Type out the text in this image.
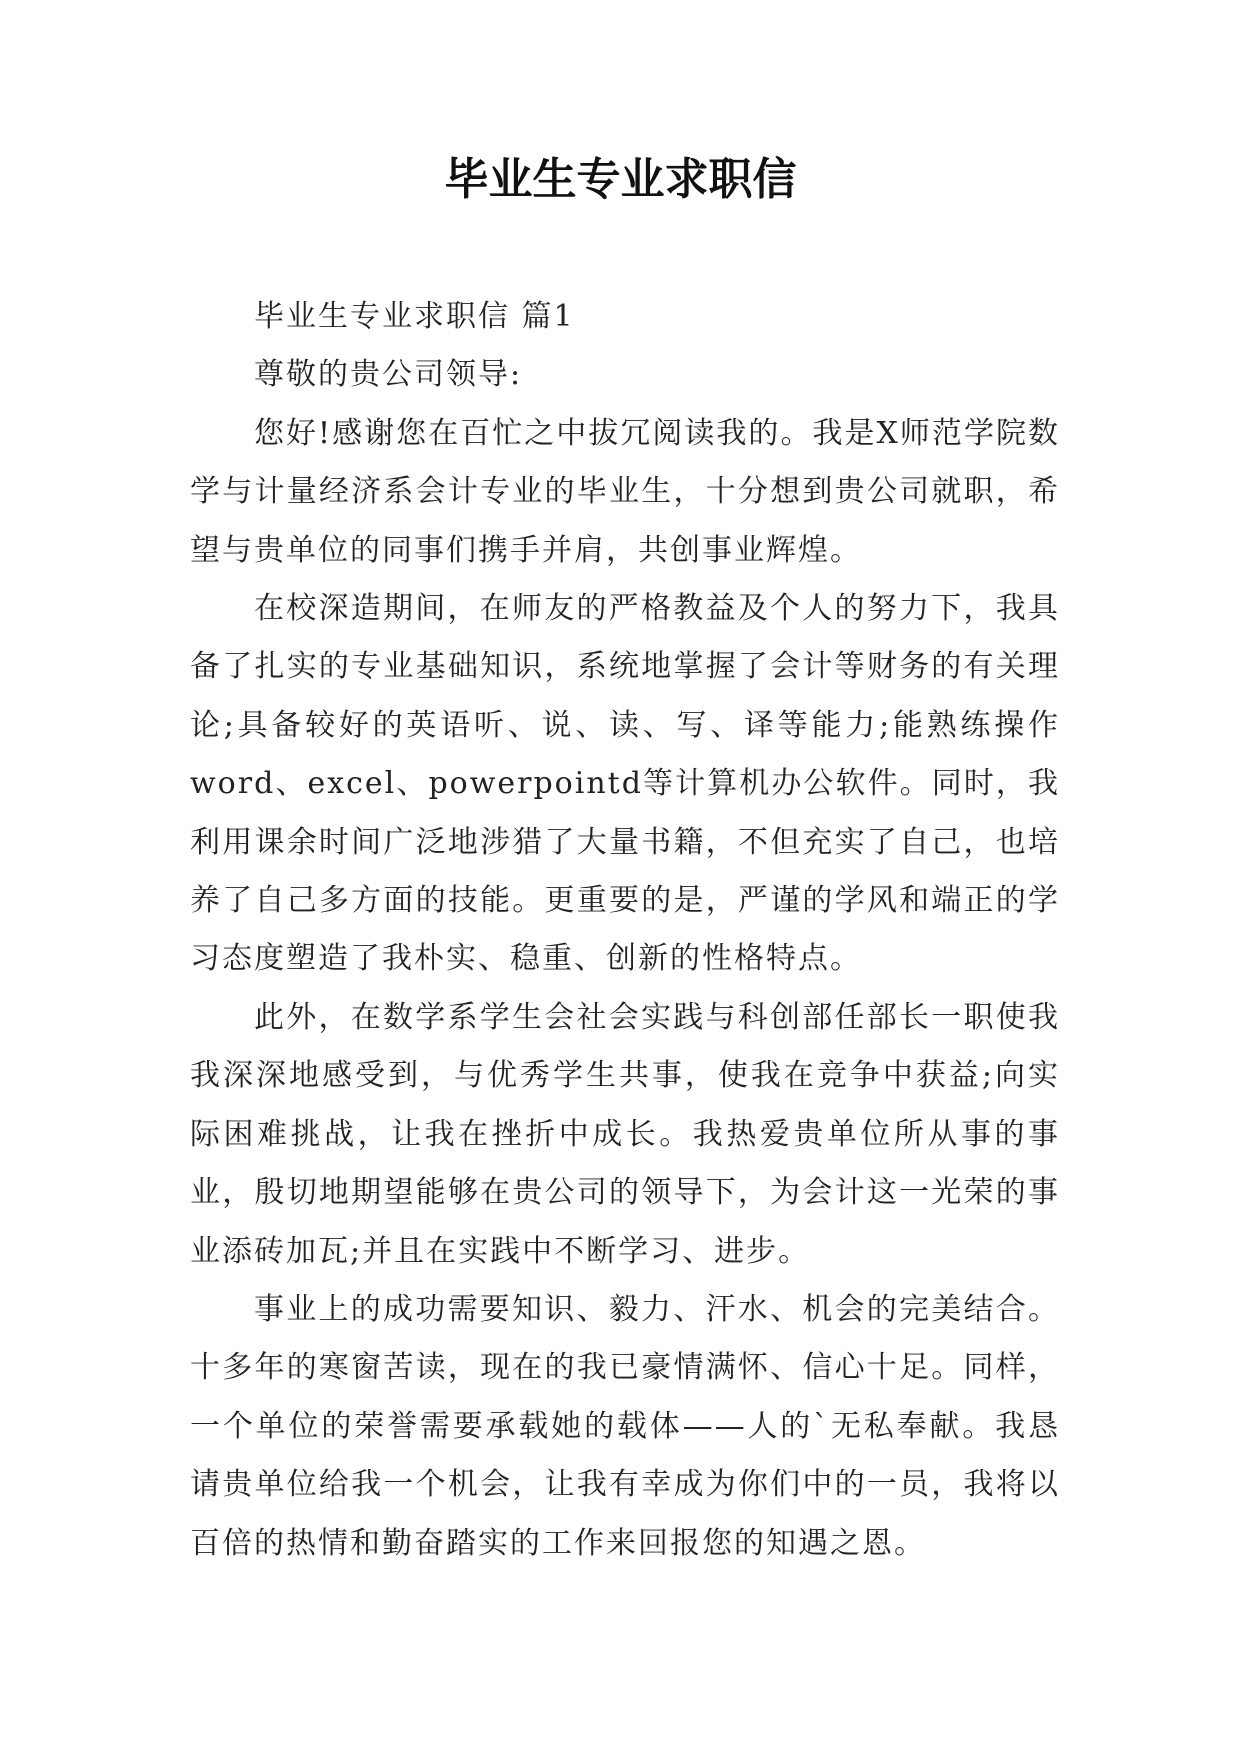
毕业生专业求职信

毕业生专业求职信 篇1

尊敬的贵公司领导:

您好!感谢您在百忙之中拔冗阅读我的。我是X师范学院数学与计量经济系会计专业的毕业生，十分想到贵公司就职，希望与贵单位的同事们携手并肩，共创事业辉煌。

在校深造期间，在师友的严格教益及个人的努力下，我具备了扎实的专业基础知识，系统地掌握了会计等财务的有关理论;具备较好的英语听、说、读、写、译等能力;能熟练操作word、excel、powerpointd等计算机办公软件。同时，我利用课余时间广泛地涉猎了大量书籍，不但充实了自己，也培养了自己多方面的技能。更重要的是，严谨的学风和端正的学习态度塑造了我朴实、稳重、创新的性格特点。

此外，在数学系学生会社会实践与科创部任部长一职使我我深深地感受到，与优秀学生共事，使我在竞争中获益;向实际困难挑战，让我在挫折中成长。我热爱贵单位所从事的事业，殷切地期望能够在贵公司的领导下，为会计这一光荣的事业添砖加瓦;并且在实践中不断学习、进步。

事业上的成功需要知识、毅力、汗水、机会的完美结合。十多年的寒窗苦读，现在的我已豪情满怀、信心十足。同样，一个单位的荣誉需要承载她的载体——人的`无私奉献。我恳请贵单位给我一个机会，让我有幸成为你们中的一员，我将以百倍的热情和勤奋踏实的工作来回报您的知遇之恩。
